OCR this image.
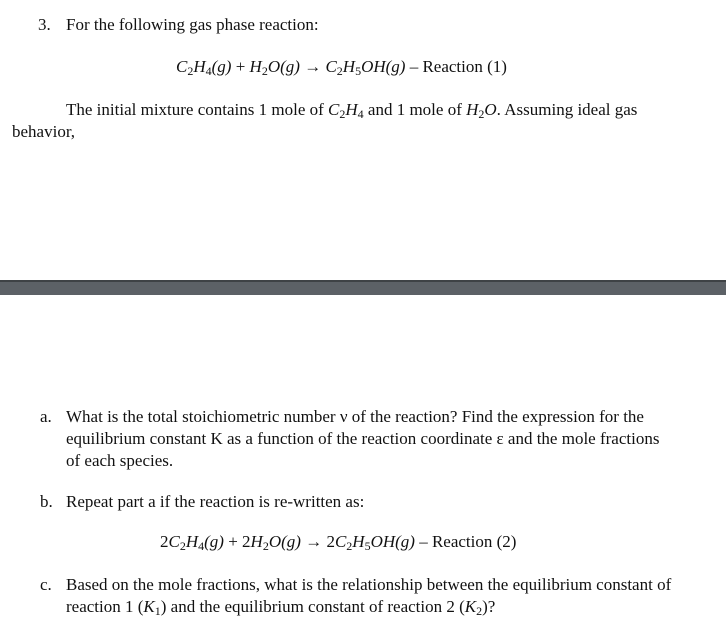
3. For the following gas phase reaction:
$C_2H_4(g) + H_2O(g) \to C_2H_5OH(g)$ – Reaction (1)
The initial mixture contains 1 mole of $C_2H_4$ and 1 mole of $H_2O$. Assuming ideal gas
behavior,
a. What is the total stoichiometric number ν of the reaction? Find the expression for the
equilibrium constant K as a function of the reaction coordinate ε and the mole fractions
of each species.
b. Repeat part a if the reaction is re-written as:
$2C_2H_4(g) + 2H_2O(g) \to 2C_2H_5OH(g)$ – Reaction (2)
c. Based on the mole fractions, what is the relationship between the equilibrium constant of
reaction 1 $(K_1)$ and the equilibrium constant of reaction 2 $(K_2)$?
